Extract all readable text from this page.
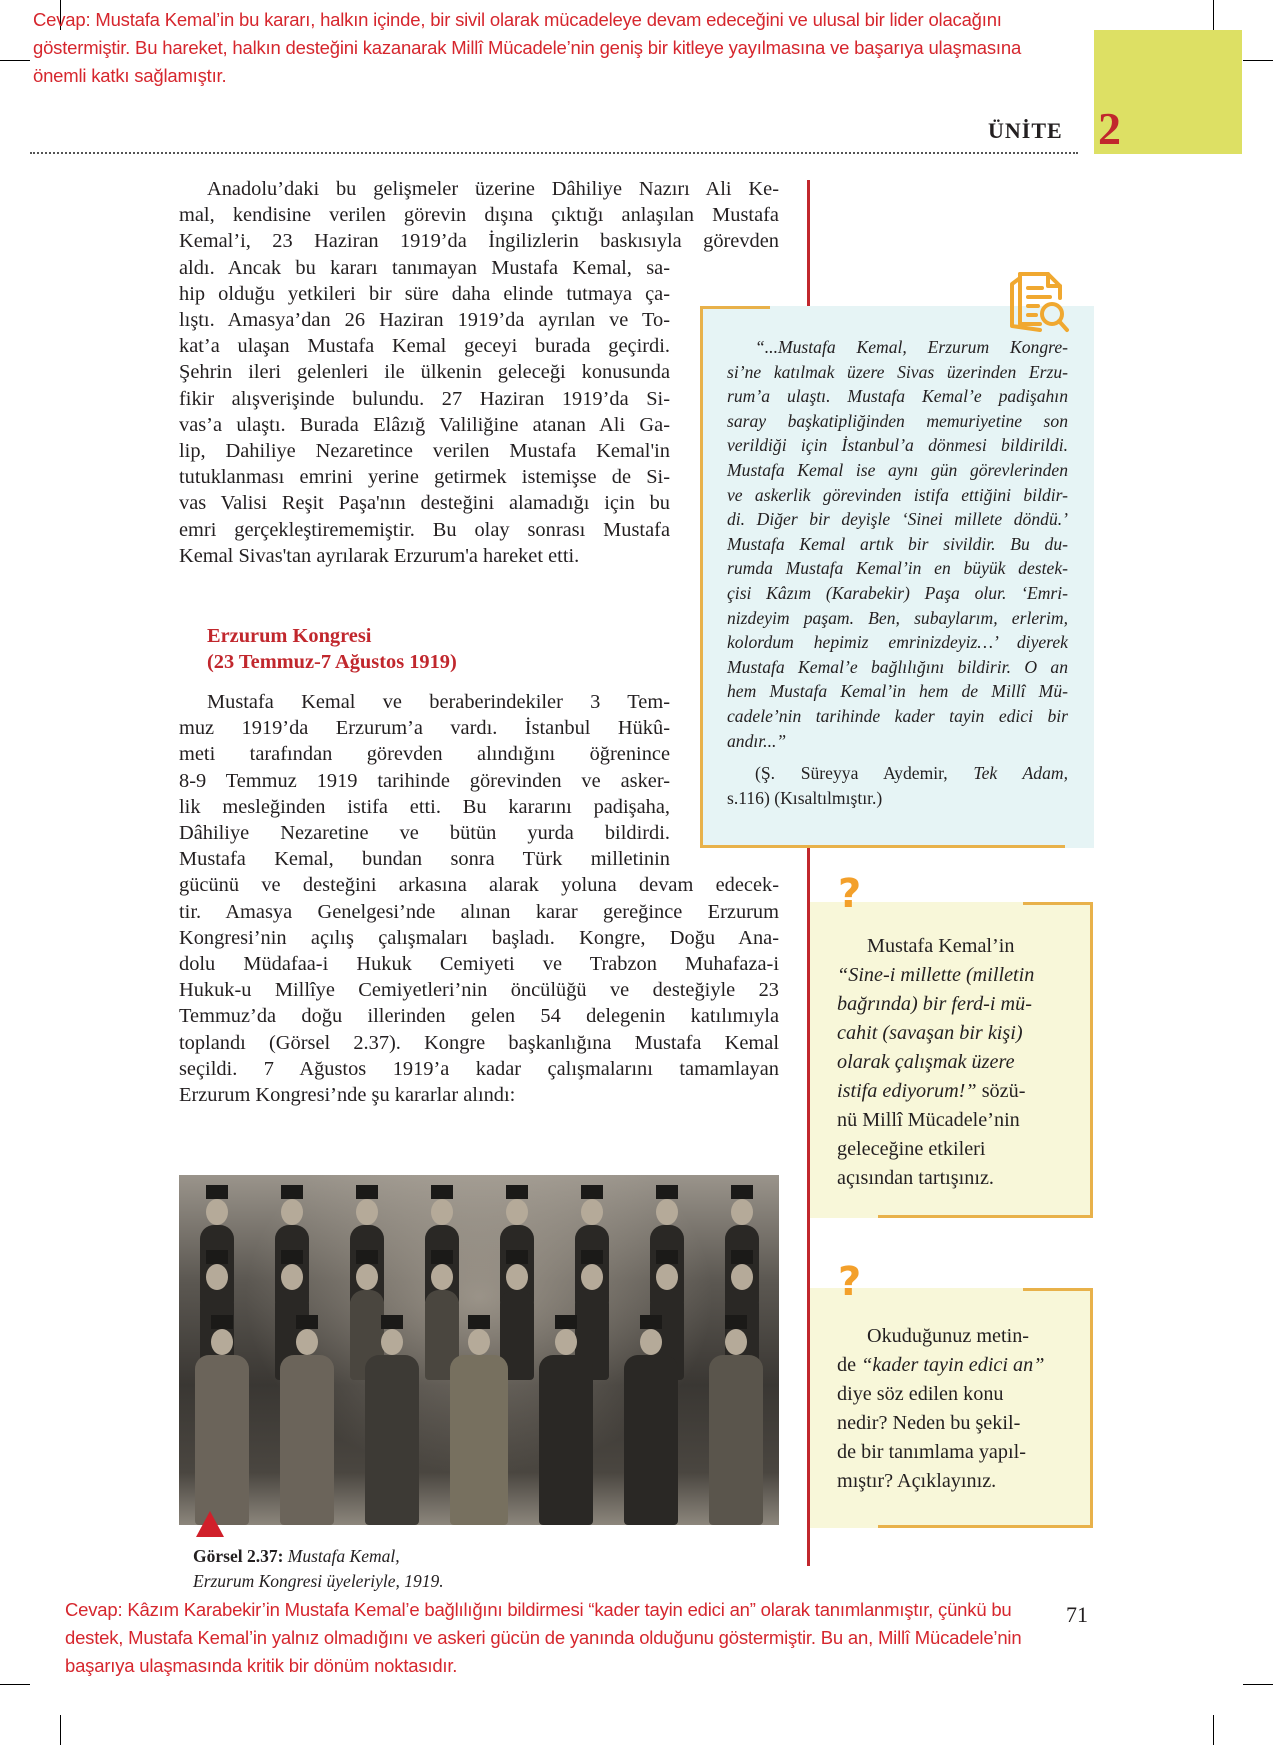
Cevap: Mustafa Kemal’in bu kararı, halkın içinde, bir sivil olarak mücadeleye devam edeceğini ve ulusal bir lider olacağını
göstermiştir. Bu hareket, halkın desteğini kazanarak Millî Mücadele’nin geniş bir kitleye yayılmasına ve başarıya ulaşmasına
önemli katkı sağlamıştır.
ÜNİTE 2
Anadolu’daki bu gelişmeler üzerine Dâhiliye Nazırı Ali Ke-
mal, kendisine verilen görevin dışına çıktığı anlaşılan Mustafa
Kemal’i, 23 Haziran 1919’da İngilizlerin baskısıyla görevden
aldı. Ancak bu kararı tanımayan Mustafa Kemal, sa-
hip olduğu yetkileri bir süre daha elinde tutmaya ça-
lıştı. Amasya’dan 26 Haziran 1919’da ayrılan ve To-
kat’a ulaşan Mustafa Kemal geceyi burada geçirdi.
Şehrin ileri gelenleri ile ülkenin geleceği konusunda
fikir alışverişinde bulundu. 27 Haziran 1919’da Si-
vas’a ulaştı. Burada Elâzığ Valiliğine atanan Ali Ga-
lip, Dahiliye Nezaretince verilen Mustafa Kemal'in
tutuklanması emrini yerine getirmek istemişse de Si-
vas Valisi Reşit Paşa'nın desteğini alamadığı için bu
emri gerçekleştirememiştir. Bu olay sonrası Mustafa
Kemal Sivas'tan ayrılarak Erzurum'a hareket etti.
Erzurum Kongresi
(23 Temmuz-7 Ağustos 1919)
Mustafa Kemal ve beraberindekiler 3 Tem-
muz 1919’da Erzurum’a vardı. İstanbul Hükû-
meti tarafından görevden alındığını öğrenince
8-9 Temmuz 1919 tarihinde görevinden ve asker-
lik mesleğinden istifa etti. Bu kararını padişaha,
Dâhiliye Nezaretine ve bütün yurda bildirdi.
Mustafa Kemal, bundan sonra Türk milletinin
gücünü ve desteğini arkasına alarak yoluna devam edecek-
tir. Amasya Genelgesi’nde alınan karar gereğince Erzurum
Kongresi’nin açılış çalışmaları başladı. Kongre, Doğu Ana-
dolu Müdafaa-i Hukuk Cemiyeti ve Trabzon Muhafaza-i
Hukuk-u Millîye Cemiyetleri’nin öncülüğü ve desteğiyle 23
Temmuz’da doğu illerinden gelen 54 delegenin katılımıyla
toplandı (Görsel 2.37). Kongre başkanlığına Mustafa Kemal
seçildi. 7 Ağustos 1919’a kadar çalışmalarını tamamlayan
Erzurum Kongresi’nde şu kararlar alındı:
“...Mustafa Kemal, Erzurum Kongre-
si’ne katılmak üzere Sivas üzerinden Erzu-
rum’a ulaştı. Mustafa Kemal’e padişahın
saray başkatipliğinden memuriyetine son
verildiği için İstanbul’a dönmesi bildirildi.
Mustafa Kemal ise aynı gün görevlerinden
ve askerlik görevinden istifa ettiğini bildir-
di. Diğer bir deyişle ‘Sinei millete döndü.’
Mustafa Kemal artık bir sivildir. Bu du-
rumda Mustafa Kemal’in en büyük destek-
çisi Kâzım (Karabekir) Paşa olur. ‘Emri-
nizdeyim paşam. Ben, subaylarım, erlerim,
kolordum hepimiz emrinizdeyiz…’ diyerek
Mustafa Kemal’e bağlılığını bildirir. O an
hem Mustafa Kemal’in hem de Millî Mü-
cadele’nin tarihinde kader tayin edici bir
andır...”
(Ş. Süreyya Aydemir, Tek Adam,
s.116) (Kısaltılmıştır.)
?
Mustafa Kemal’in
“Sine-i millette (milletin
bağrında) bir ferd-i mü-
cahit (savaşan bir kişi)
olarak çalışmak üzere
istifa ediyorum!” sözü-
nü Millî Mücadele’nin
geleceğine etkileri
açısından tartışınız.
?
Okuduğunuz metin-
de “kader tayin edici an”
diye söz edilen konu
nedir? Neden bu şekil-
de bir tanımlama yapıl-
mıştır? Açıklayınız.
Görsel 2.37: Mustafa Kemal,
Erzurum Kongresi üyeleriyle, 1919.
71
Cevap: Kâzım Karabekir’in Mustafa Kemal’e bağlılığını bildirmesi “kader tayin edici an” olarak tanımlanmıştır, çünkü bu
destek, Mustafa Kemal’in yalnız olmadığını ve askeri gücün de yanında olduğunu göstermiştir. Bu an, Millî Mücadele’nin
başarıya ulaşmasında kritik bir dönüm noktasıdır.
